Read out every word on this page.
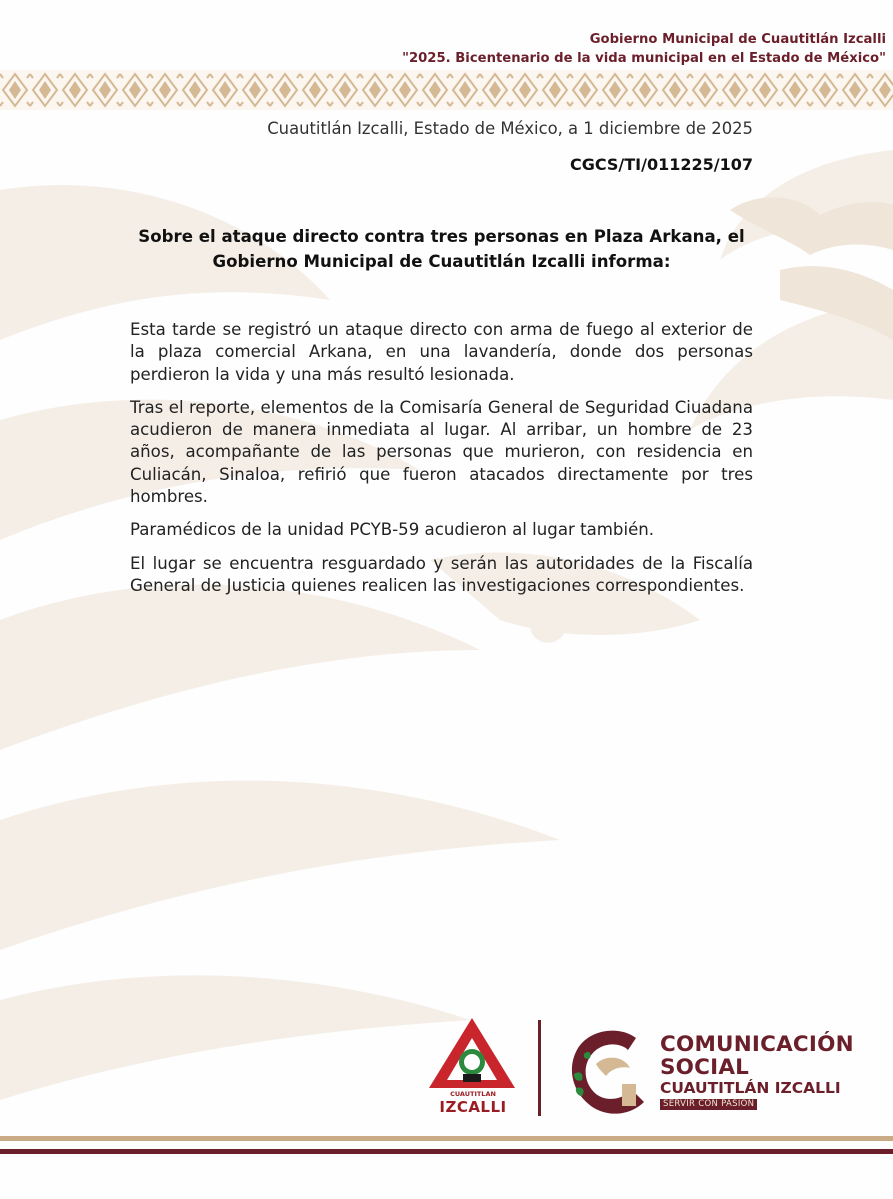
Gobierno Municipal de Cuautitlán Izcalli
"2025. Bicentenario de la vida municipal en el Estado de México"
Cuautitlán Izcalli, Estado de México, a 1 diciembre de 2025
CGCS/TI/011225/107
Sobre el ataque directo contra tres personas en Plaza Arkana, el
Gobierno Municipal de Cuautitlán Izcalli informa:

Esta tarde se registró un ataque directo con arma de fuego al exterior de la plaza comercial Arkana, en una lavandería, donde dos personas perdieron la vida y una más resultó lesionada.

Tras el reporte, elementos de la Comisaría General de Seguridad Ciuadana acudieron de manera inmediata al lugar. Al arribar, un hombre de 23 años, acompañante de las personas que murieron, con residencia en Culiacán, Sinaloa, refirió que fueron atacados directamente por tres hombres.

Paramédicos de la unidad PCYB-59 acudieron al lugar también.

El lugar se encuentra resguardado y serán las autoridades de la Fiscalía General de Justicia quienes realicen las investigaciones correspondientes.

IZCALLI
CUAUTITLAN
COMUNICACIÓN
SOCIAL
CUAUTITLÁN IZCALLI
SERVIR CON PASIÓN
